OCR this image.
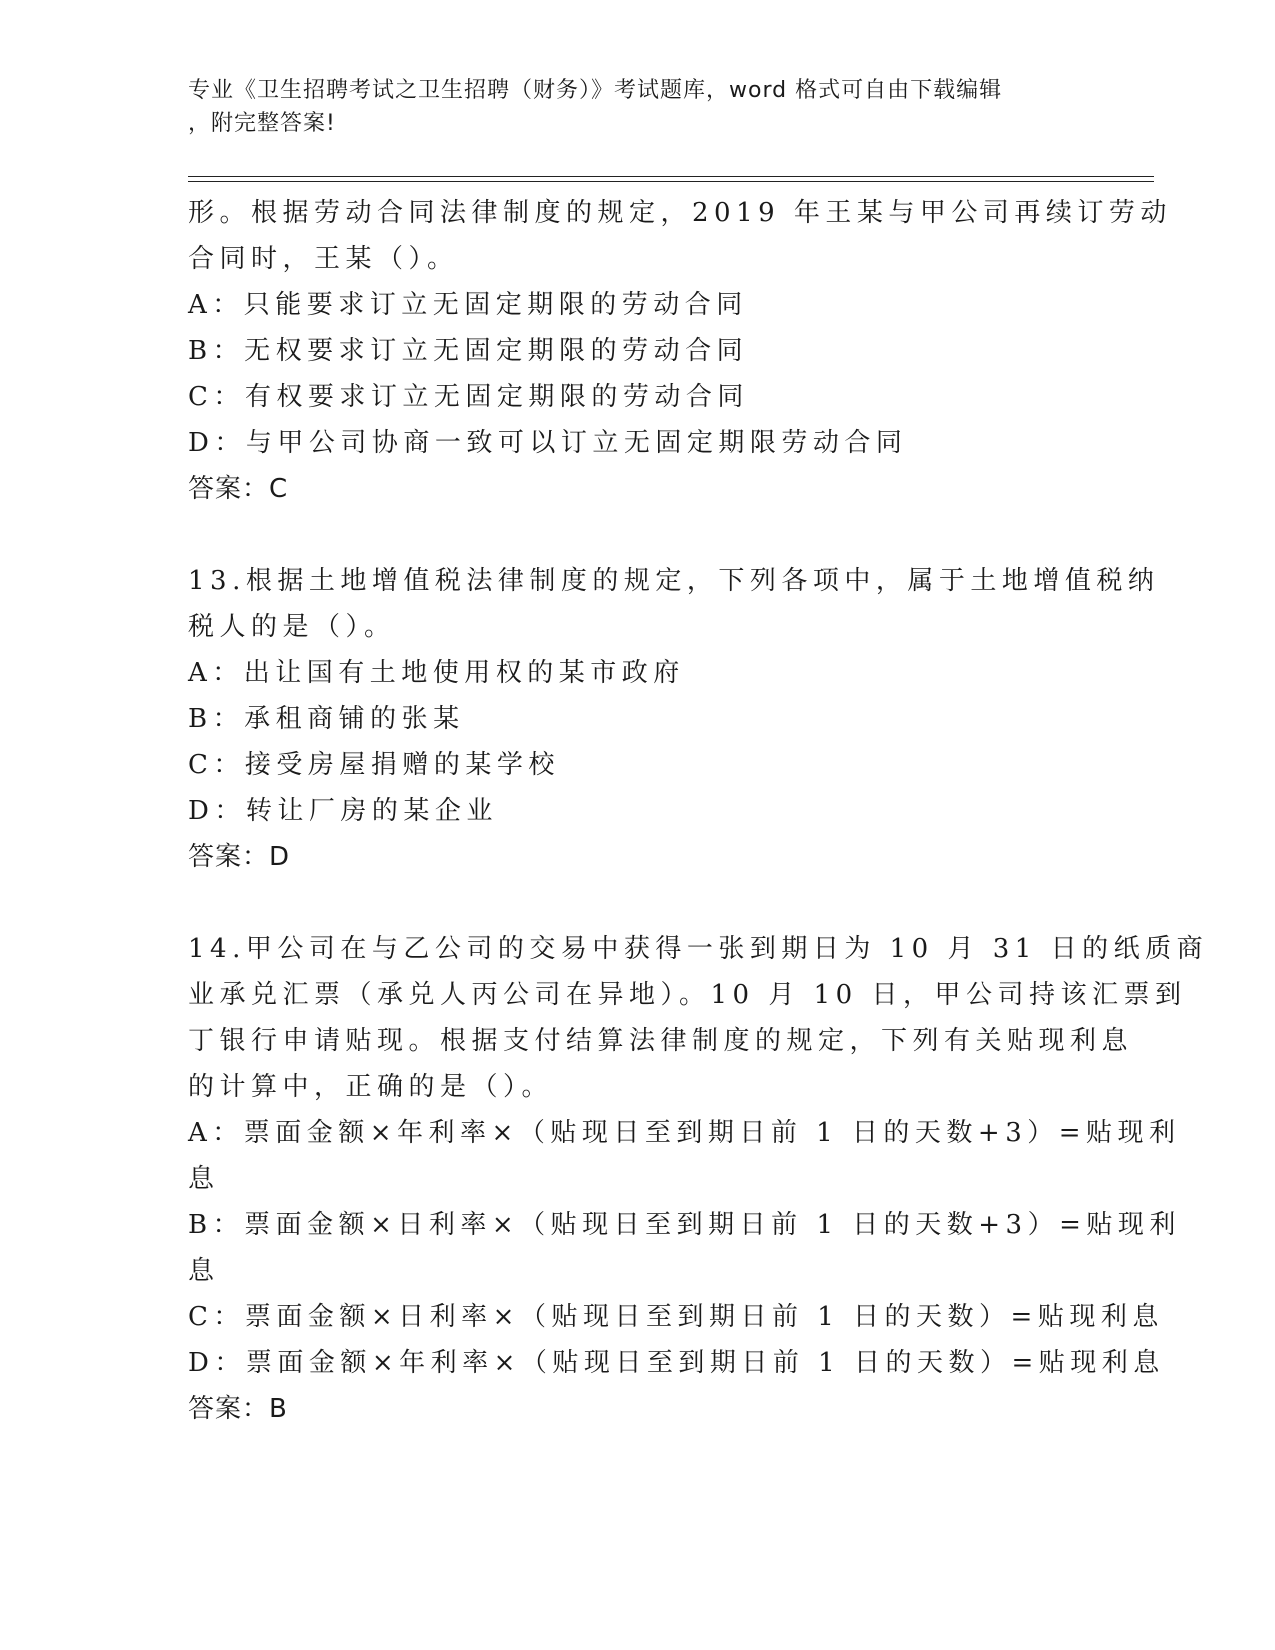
专业《卫生招聘考试之卫生招聘（财务）》考试题库，word 格式可自由下载编辑
，附完整答案!
形。根据劳动合同法律制度的规定，2019 年王某与甲公司再续订劳动
合同时，王某（）。
A：只能要求订立无固定期限的劳动合同
B：无权要求订立无固定期限的劳动合同
C：有权要求订立无固定期限的劳动合同
D：与甲公司协商一致可以订立无固定期限劳动合同
答案：C
13.根据土地增值税法律制度的规定，下列各项中，属于土地增值税纳
税人的是（）。
A：出让国有土地使用权的某市政府
B：承租商铺的张某
C：接受房屋捐赠的某学校
D：转让厂房的某企业
答案：D
14.甲公司在与乙公司的交易中获得一张到期日为 10 月 31 日的纸质商
业承兑汇票（承兑人丙公司在异地）。10 月 10 日，甲公司持该汇票到
丁银行申请贴现。根据支付结算法律制度的规定，下列有关贴现利息
的计算中，正确的是（）。
A：票面金额×年利率×（贴现日至到期日前 1 日的天数+3）=贴现利
息
B：票面金额×日利率×（贴现日至到期日前 1 日的天数+3）=贴现利
息
C：票面金额×日利率×（贴现日至到期日前 1 日的天数）=贴现利息
D：票面金额×年利率×（贴现日至到期日前 1 日的天数）=贴现利息
答案：B
